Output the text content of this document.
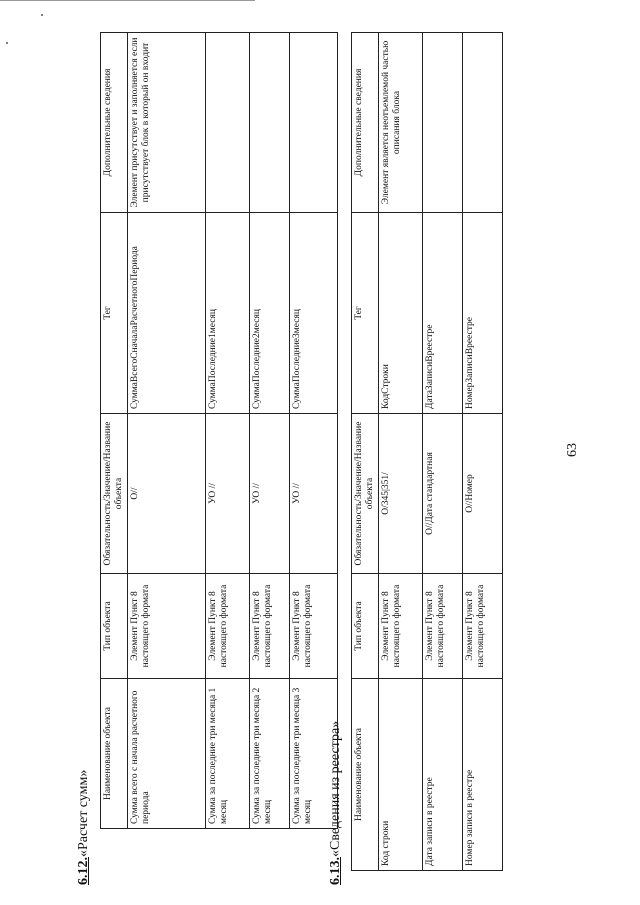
63
6.12.«Расчет сумм»
Наименование объекта	Тип объекта	Обязательность/Значение/Название объекта	Тег	Дополнительные сведения
Сумма всего с начала расчетного периода	Элемент Пункт 8 настоящего формата	О//	СуммаВсегоСначалаРасчетногоПериода	Элемент присутствует и заполняется если присутствует блок в который он входит
Сумма за последние три месяца 1 месяц	Элемент Пункт 8 настоящего формата	УО //	СуммаПоследние1месяц	
Сумма за последние три месяца 2 месяц	Элемент Пункт 8 настоящего формата	УО //	СуммаПоследние2месяц	
Сумма за последние три месяца 3 месяц	Элемент Пункт 8 настоящего формата	УО //	СуммаПоследние3месяц	
6.13.«Сведения из реестра» Наименование объекта	Тип объекта	Обязательность/Значение/Название объекта	Тег	Дополнительные сведения
Код строки	Элемент Пункт 8 настоящего формата	О/345|351/	КодСтроки	Элемент является неотъемлемой частью описания блока
Дата записи в реестре	Элемент Пункт 8 настоящего формата	О//Дата стандартная	ДатаЗаписиВреестре	
Номер записи в реестре	Элемент Пункт 8 настоящего формата	О//Номер	НомерЗаписиВреестре	
